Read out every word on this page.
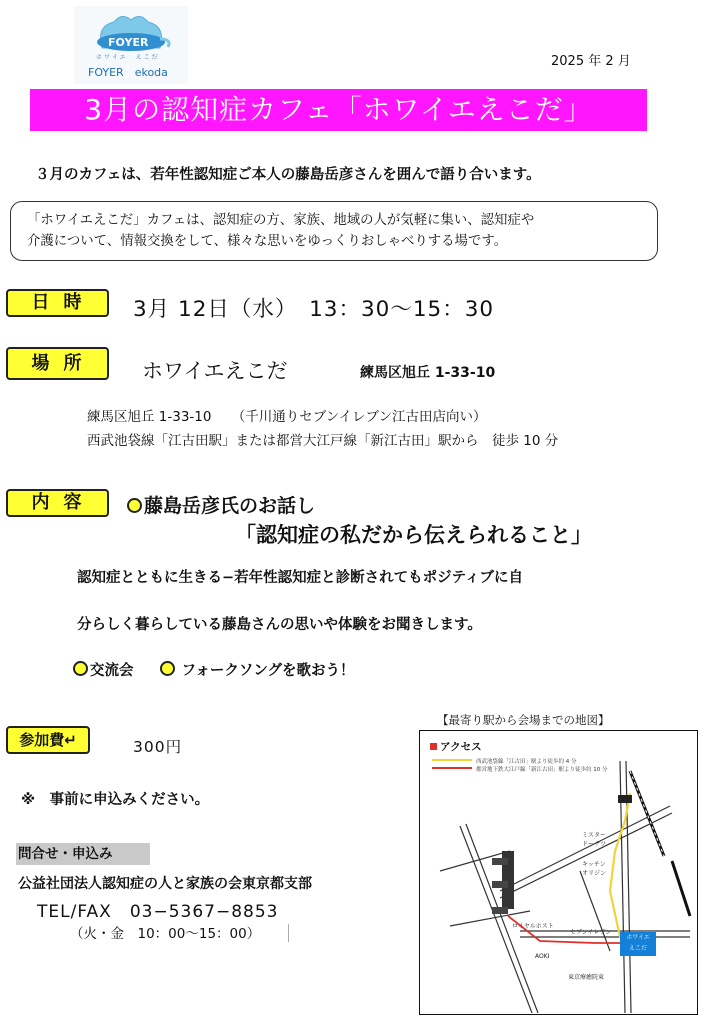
FOYER
ホワイエ　えこだ
FOYER　ekoda
2025 年 2 月
3月の認知症カフェ「ホワイエえこだ」
３月のカフェは、若年性認知症ご本人の藤島岳彦さんを囲んで語り合います。
「ホワイエえこだ」カフェは、認知症の方、家族、地域の人が気軽に集い、認知症や
介護について、情報交換をして、様々な思いをゆっくりおしゃべりする場です。
日時	3月 12日（水）　13：30〜15：30
場所	ホワイエえこだ	練馬区旭丘 1-33-10
練馬区旭丘 1-33-10　　（千川通りセブンイレブン江古田店向い）
西武池袋線「江古田駅」または都営大江戸線「新江古田」駅から　徒歩 10 分
内容	藤島岳彦氏のお話し
「認知症の私だから伝えられること」
認知症とともに生きる−若年性認知症と診断されてもポジティブに自
分らしく暮らしている藤島さんの思いや体験をお聞きします。
交流会	フォークソングを歌おう！
参加費↵	300円
※　事前に申込みください。
問合せ・申込み
公益社団法人認知症の人と家族の会東京都支部
TEL/FAX　03−5367−8853
（火・金　10：00〜15：00）
【最寄り駅から会場までの地図】
アクセス
西武池袋線「江古田」駅より徒歩約 4 分
都営地下鉄大江戸線「新江古田」駅より徒歩約 10 分
ミスター
ドーナツ
キッチン
オリジン
ロイヤルホスト
セブンイレブン
AOKI
東京療癒院東
ホワイエ
えこだ
